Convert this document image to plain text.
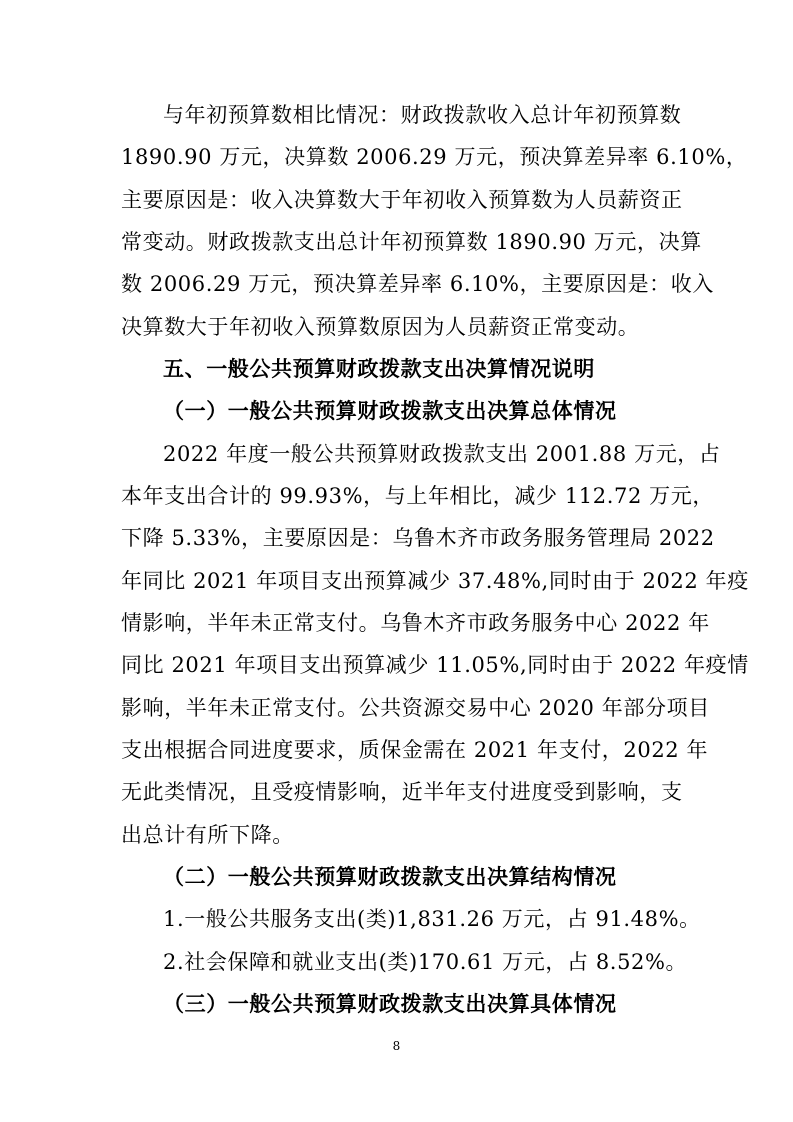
与年初预算数相比情况：财政拨款收入总计年初预算数
1890.90 万元，决算数 2006.29 万元，预决算差异率 6.10%，
主要原因是：收入决算数大于年初收入预算数为人员薪资正
常变动。财政拨款支出总计年初预算数 1890.90 万元，决算
数 2006.29 万元，预决算差异率 6.10%，主要原因是：收入
决算数大于年初收入预算数原因为人员薪资正常变动。
五、一般公共预算财政拨款支出决算情况说明
（一）一般公共预算财政拨款支出决算总体情况
2022 年度一般公共预算财政拨款支出 2001.88 万元，占
本年支出合计的 99.93%，与上年相比，减少 112.72 万元，
下降 5.33%，主要原因是：乌鲁木齐市政务服务管理局 2022
年同比 2021 年项目支出预算减少 37.48%,同时由于 2022 年疫
情影响，半年未正常支付。乌鲁木齐市政务服务中心 2022 年
同比 2021 年项目支出预算减少 11.05%,同时由于 2022 年疫情
影响，半年未正常支付。公共资源交易中心 2020 年部分项目
支出根据合同进度要求，质保金需在 2021 年支付，2022 年
无此类情况，且受疫情影响，近半年支付进度受到影响，支
出总计有所下降。
（二）一般公共预算财政拨款支出决算结构情况
1.一般公共服务支出(类)1,831.26 万元，占 91.48%。
2.社会保障和就业支出(类)170.61 万元，占 8.52%。
（三）一般公共预算财政拨款支出决算具体情况
8
